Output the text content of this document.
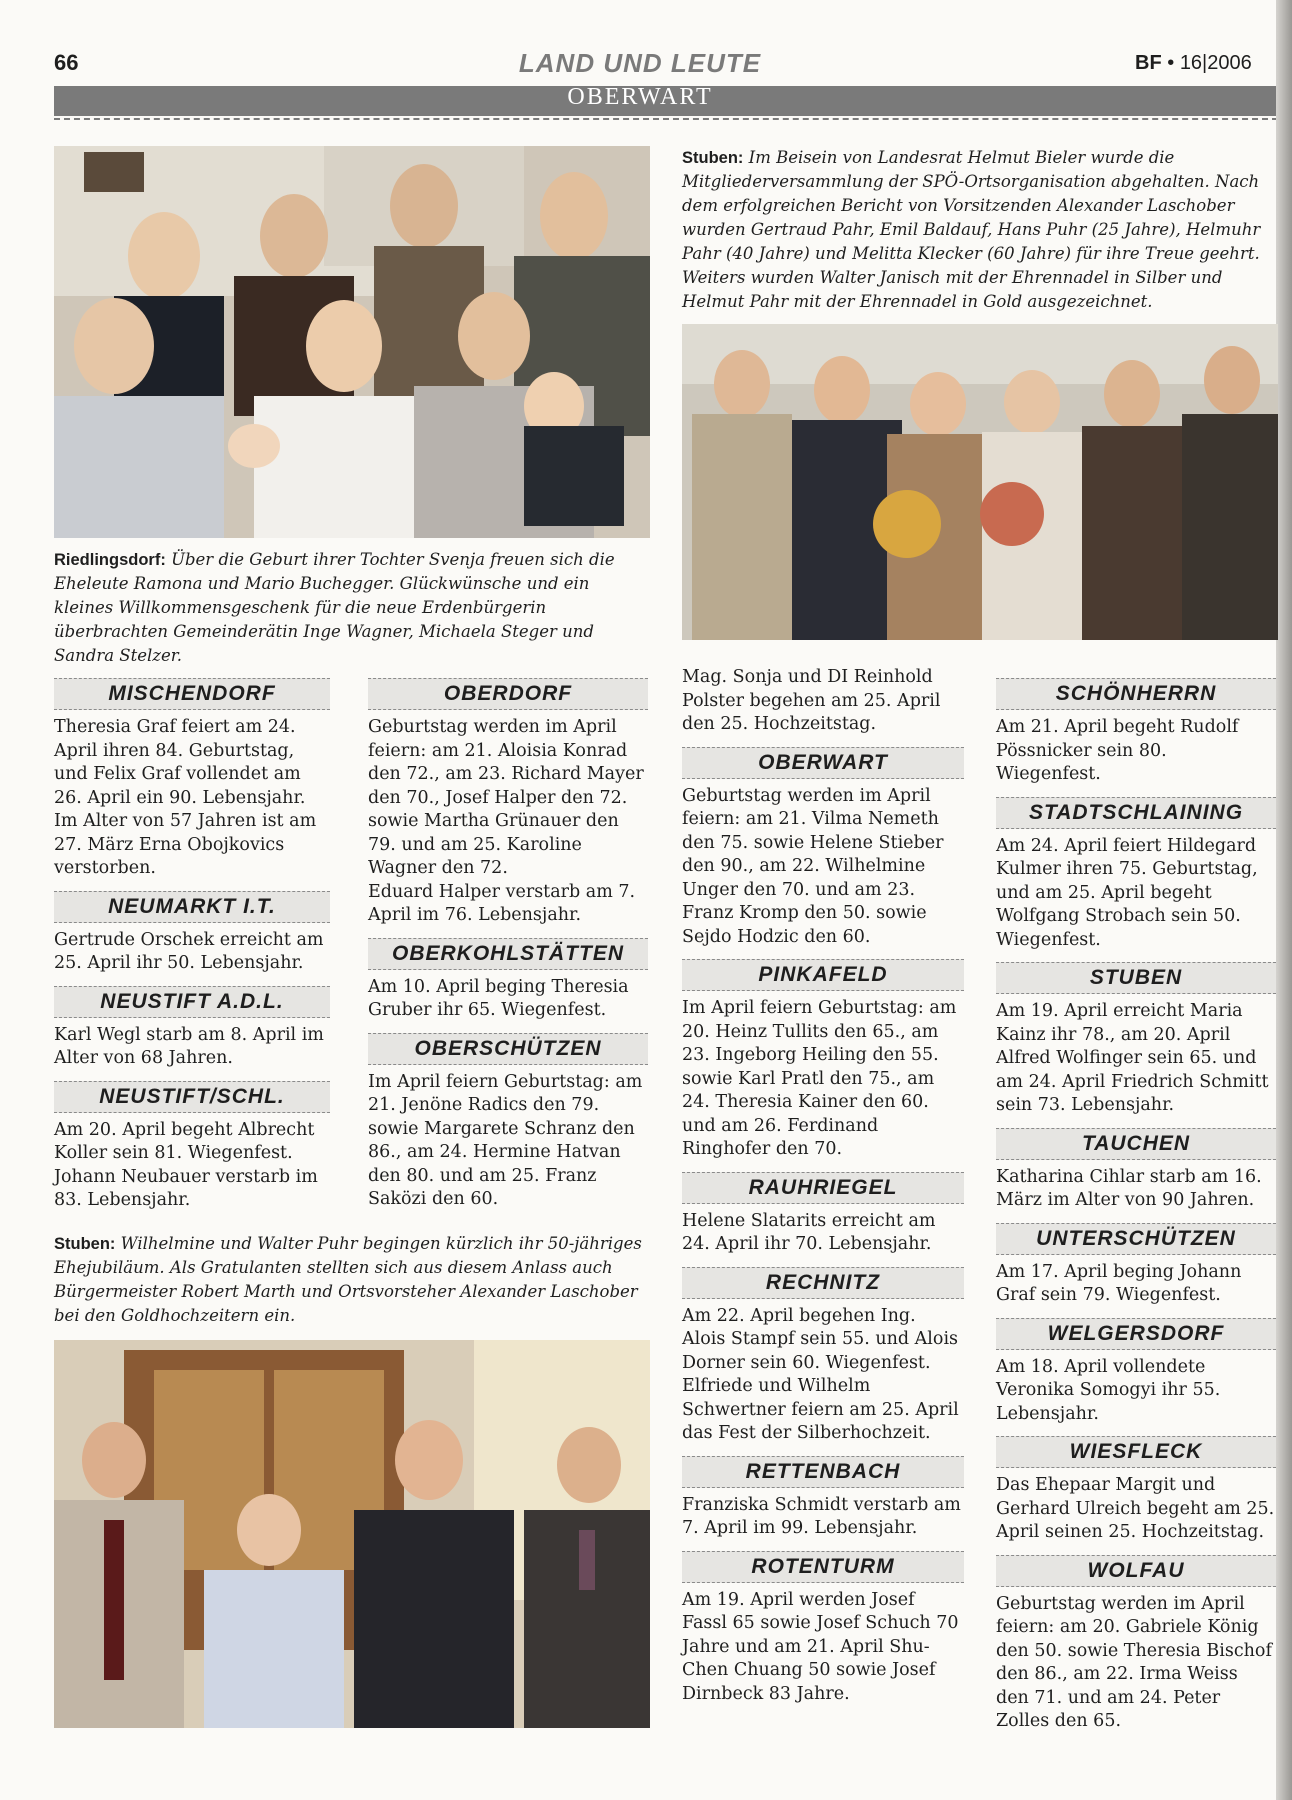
66	LAND UND LEUTE	BF • 16|2006
OBERWART
Riedlingsdorf: Über die Geburt ihrer Tochter Svenja freuen sich die Eheleute Ramona und Mario Buchegger. Glückwünsche und ein kleines Willkommensgeschenk für die neue Erdenbürgerin überbrachten Gemeinderätin Inge Wagner, Michaela Steger und Sandra Stelzer.
Stuben: Im Beisein von Landesrat Helmut Bieler wurde die Mitgliederversammlung der SPÖ-Ortsorganisation abgehalten. Nach dem erfolgreichen Bericht von Vorsitzenden Alexander Laschober wurden Gertraud Pahr, Emil Baldauf, Hans Puhr (25 Jahre), Helmuhr Pahr (40 Jahre) und Melitta Klecker (60 Jahre) für ihre Treue geehrt. Weiters wurden Walter Janisch mit der Ehrennadel in Silber und Helmut Pahr mit der Ehrennadel in Gold ausgezeichnet.
MISCHENDORF

Theresia Graf feiert am 24. April ihren 84. Geburtstag, und Felix Graf vollendet am 26. April ein 90. Lebensjahr. Im Alter von 57 Jahren ist am 27. März Erna Obojkovics verstorben.

NEUMARKT I.T.

Gertrude Orschek erreicht am 25. April ihr 50. Lebensjahr.

NEUSTIFT A.D.L.

Karl Wegl starb am 8. April im Alter von 68 Jahren.

NEUSTIFT/SCHL.

Am 20. April begeht Albrecht Koller sein 81. Wiegenfest. Johann Neubauer verstarb im 83. Lebensjahr.

OBERDORF

Geburtstag werden im April feiern: am 21. Aloisia Konrad den 72., am 23. Richard Mayer den 70., Josef Halper den 72. sowie Martha Grünauer den 79. und am 25. Karoline Wagner den 72.

Eduard Halper verstarb am 7. April im 76. Lebensjahr.

OBERKOHLSTÄTTEN

Am 10. April beging Theresia Gruber ihr 65. Wiegenfest.

OBERSCHÜTZEN

Im April feiern Geburtstag: am 21. Jenöne Radics den 79. sowie Margarete Schranz den 86., am 24. Hermine Hatvan den 80. und am 25. Franz Saközi den 60.

Stuben: Wilhelmine und Walter Puhr begingen kürzlich ihr 50-jähriges Ehejubiläum. Als Gratulanten stellten sich aus diesem Anlass auch Bürgermeister Robert Marth und Ortsvorsteher Alexander Laschober bei den Goldhochzeitern ein.

Mag. Sonja und DI Reinhold Polster begehen am 25. April den 25. Hochzeitstag.

OBERWART

Geburtstag werden im April feiern: am 21. Vilma Nemeth den 75. sowie Helene Stieber den 90., am 22. Wilhelmine Unger den 70. und am 23. Franz Kromp den 50. sowie Sejdo Hodzic den 60.

PINKAFELD

Im April feiern Geburtstag: am 20. Heinz Tullits den 65., am 23. Ingeborg Heiling den 55. sowie Karl Pratl den 75., am 24. Theresia Kainer den 60. und am 26. Ferdinand Ringhofer den 70.

RAUHRIEGEL

Helene Slatarits erreicht am 24. April ihr 70. Lebensjahr.

RECHNITZ

Am 22. April begehen Ing. Alois Stampf sein 55. und Alois Dorner sein 60. Wiegenfest.

Elfriede und Wilhelm Schwertner feiern am 25. April das Fest der Silberhochzeit.

RETTENBACH

Franziska Schmidt verstarb am 7. April im 99. Lebensjahr.

ROTENTURM

Am 19. April werden Josef Fassl 65 sowie Josef Schuch 70 Jahre und am 21. April Shu-Chen Chuang 50 sowie Josef Dirnbeck 83 Jahre.

SCHÖNHERRN

Am 21. April begeht Rudolf Pössnicker sein 80. Wiegenfest.

STADTSCHLAINING

Am 24. April feiert Hildegard Kulmer ihren 75. Geburtstag, und am 25. April begeht Wolfgang Strobach sein 50. Wiegenfest.

STUBEN

Am 19. April erreicht Maria Kainz ihr 78., am 20. April Alfred Wolfinger sein 65. und am 24. April Friedrich Schmitt sein 73. Lebensjahr.

TAUCHEN

Katharina Cihlar starb am 16. März im Alter von 90 Jahren.

UNTERSCHÜTZEN

Am 17. April beging Johann Graf sein 79. Wiegenfest.

WELGERSDORF

Am 18. April vollendete Veronika Somogyi ihr 55. Lebensjahr.

WIESFLECK

Das Ehepaar Margit und Gerhard Ulreich begeht am 25. April seinen 25. Hochzeitstag.

WOLFAU

Geburtstag werden im April feiern: am 20. Gabriele König den 50. sowie Theresia Bischof den 86., am 22. Irma Weiss den 71. und am 24. Peter Zolles den 65.
